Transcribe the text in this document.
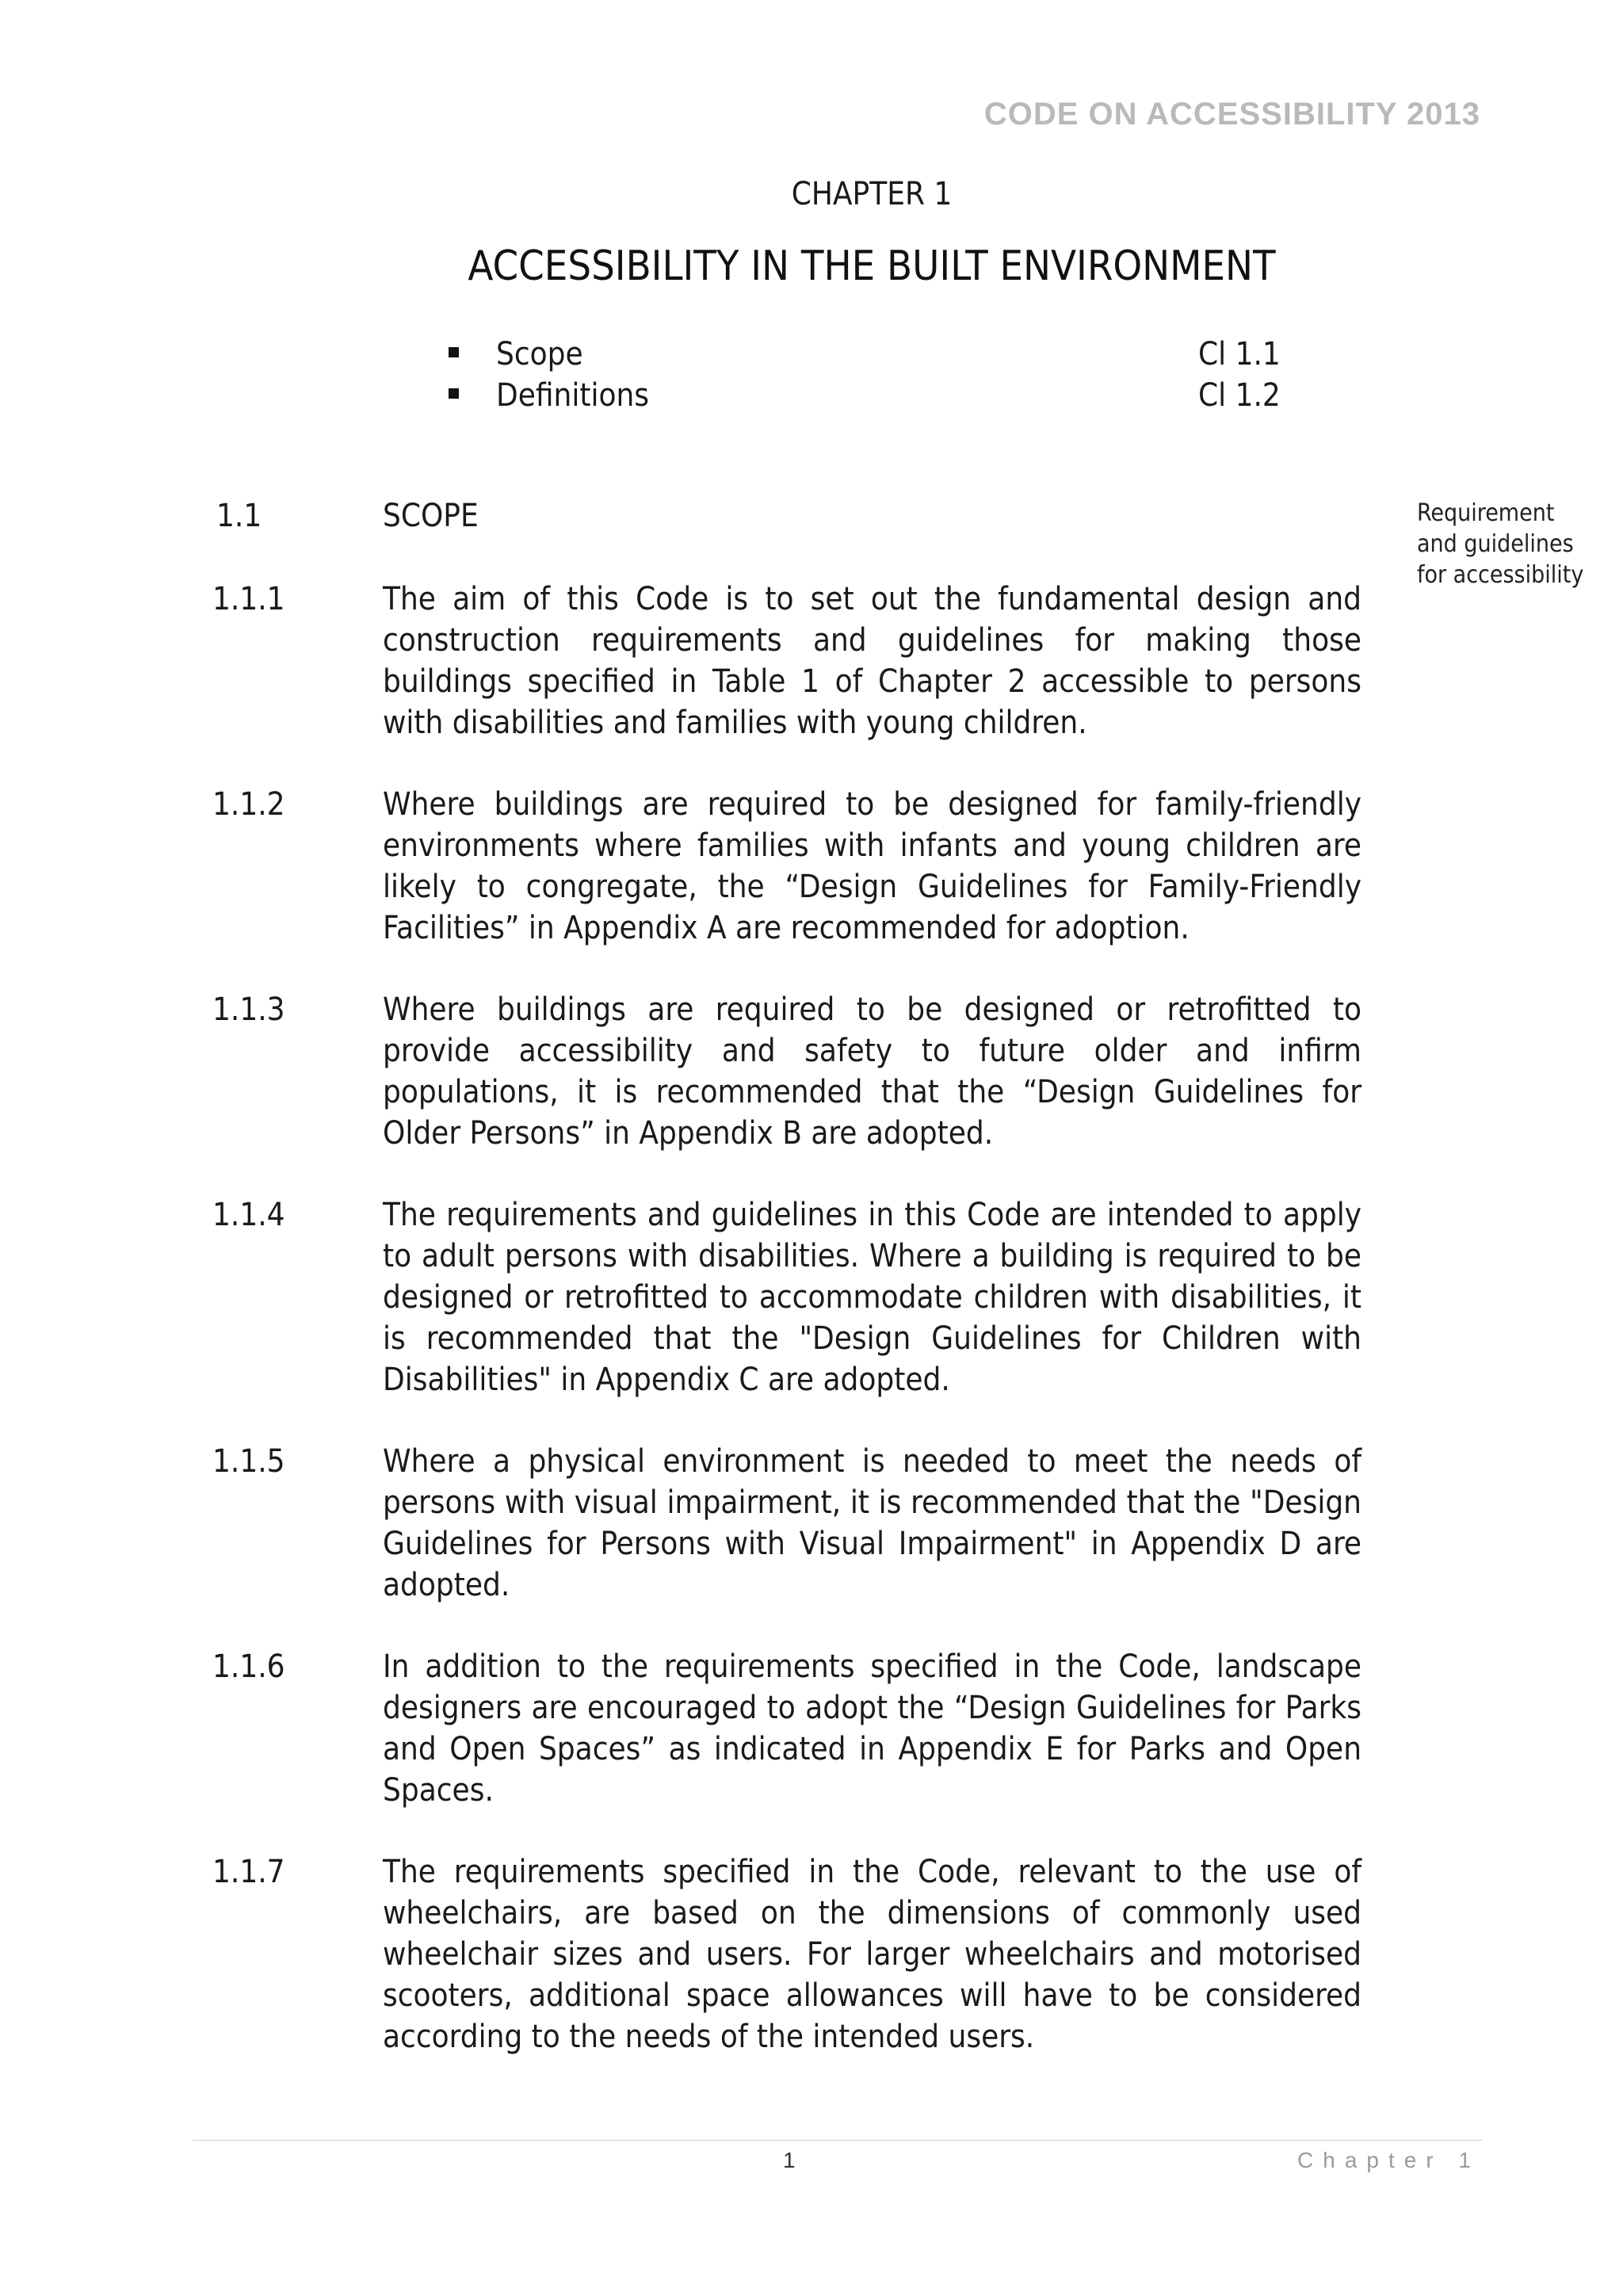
CODE ON ACCESSIBILITY 2013
CHAPTER 1
ACCESSIBILITY IN THE BUILT ENVIRONMENT
Scope	Cl 1.1
Definitions	Cl 1.2
1.1	SCOPE	Requirement and guidelines for accessibility
1.1.1	The aim of this Code is to set out the fundamental design and construction requirements and guidelines for making those buildings specified in Table 1 of Chapter 2 accessible to persons with disabilities and families with young children.
1.1.2	Where buildings are required to be designed for family-friendly environments where families with infants and young children are likely to congregate, the “Design Guidelines for Family-Friendly Facilities” in Appendix A are recommended for adoption.
1.1.3	Where buildings are required to be designed or retrofitted to provide accessibility and safety to future older and infirm populations, it is recommended that the “Design Guidelines for Older Persons” in Appendix B are adopted.
1.1.4	The requirements and guidelines in this Code are intended to apply to adult persons with disabilities. Where a building is required to be designed or retrofitted to accommodate children with disabilities, it is recommended that the "Design Guidelines for Children with Disabilities" in Appendix C are adopted.
1.1.5	Where a physical environment is needed to meet the needs of persons with visual impairment, it is recommended that the "Design Guidelines for Persons with Visual Impairment" in Appendix D are adopted.
1.1.6	In addition to the requirements specified in the Code, landscape designers are encouraged to adopt the “Design Guidelines for Parks and Open Spaces” as indicated in Appendix E for Parks and Open Spaces.
1.1.7	The requirements specified in the Code, relevant to the use of wheelchairs, are based on the dimensions of commonly used wheelchair sizes and users. For larger wheelchairs and motorised scooters, additional space allowances will have to be considered according to the needs of the intended users.
1	Chapter 1
